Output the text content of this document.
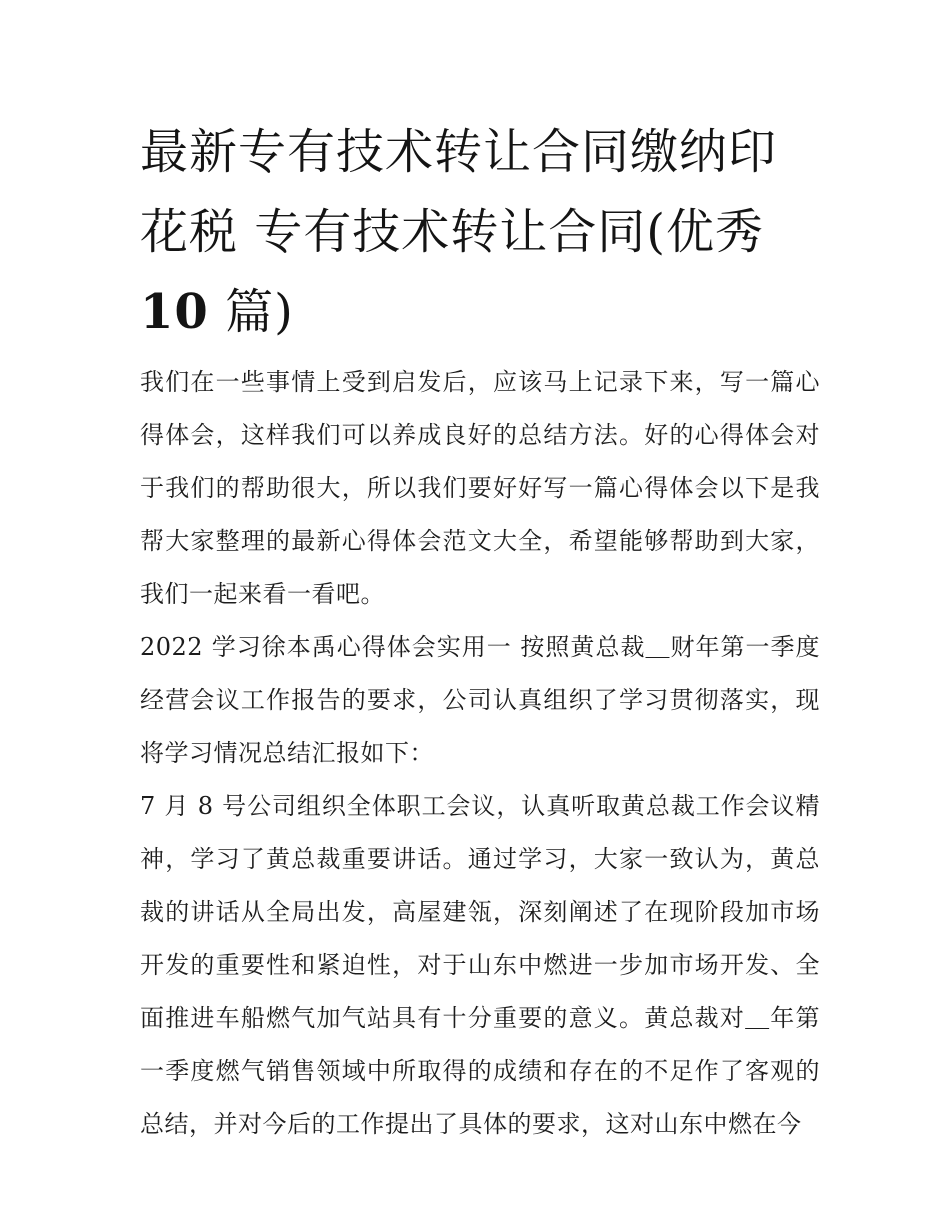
最新专有技术转让合同缴纳印花税 专有技术转让合同(优秀
10 篇)

我们在一些事情上受到启发后，应该马上记录下来，写一篇心得体会，这样我们可以养成良好的总结方法。好的心得体会对于我们的帮助很大，所以我们要好好写一篇心得体会以下是我帮大家整理的最新心得体会范文大全，希望能够帮助到大家，我们一起来看一看吧。

2022 学习徐本禹心得体会实用一 按照黄总裁＿财年第一季度经营会议工作报告的要求，公司认真组织了学习贯彻落实，现将学习情况总结汇报如下：

7 月 8 号公司组织全体职工会议，认真听取黄总裁工作会议精神，学习了黄总裁重要讲话。通过学习，大家一致认为，黄总裁的讲话从全局出发，高屋建瓴，深刻阐述了在现阶段加市场开发的重要性和紧迫性，对于山东中燃进一步加市场开发、全面推进车船燃气加气站具有十分重要的意义。黄总裁对＿年第一季度燃气销售领域中所取得的成绩和存在的不足作了客观的总结，并对今后的工作提出了具体的要求，这对山东中燃在今
